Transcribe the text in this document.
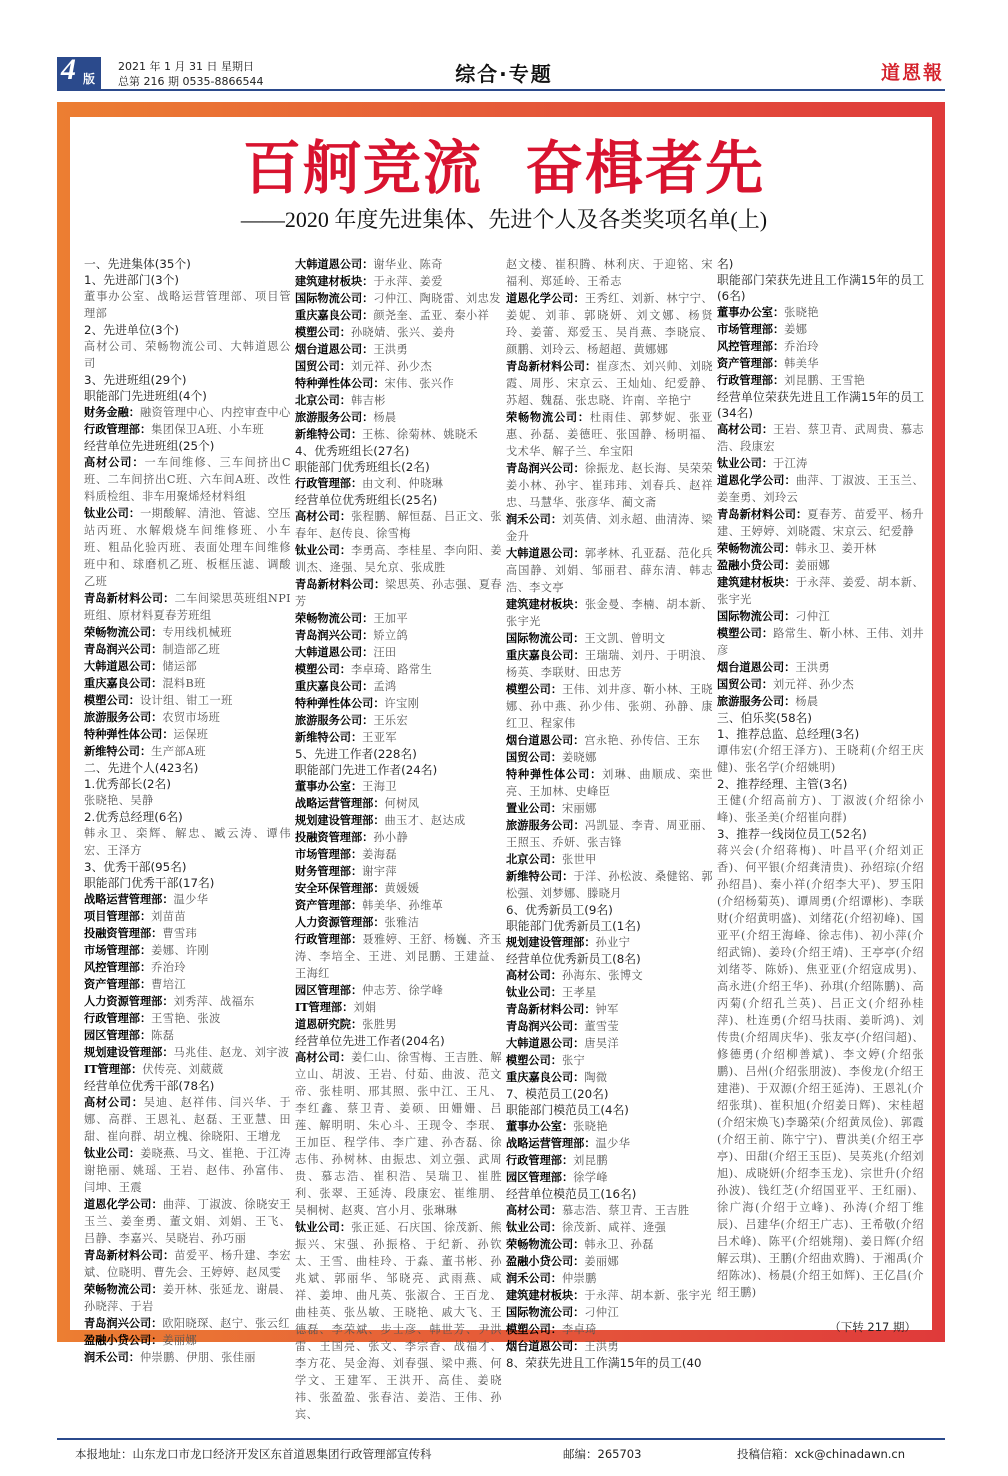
4 版
2021 年 1 月 31 日 星期日
总第 216 期 0535-8866544	综合·专题	道恩報
百舸竞流 奋楫者先
——2020 年度先进集体、先进个人及各类奖项名单(上)

一、先进集体(35个)

1、先进部门(3个)

董事办公室、战略运营管理部、项目管理部

2、先进单位(3个)

高材公司、荣畅物流公司、大韩道恩公司

3、先进班组(29个)

职能部门先进班组(4个)

财务金融：融资管理中心、内控审查中心

行政管理部：集团保卫A班、小车班

经营单位先进班组(25个)

高材公司：一车间维修、三车间挤出C班、二车间挤出C班、六车间A班、改性料质检组、非车用聚烯烃材料组

钛业公司：一期酸解、清池、管滤、空压站丙班、水解煅烧车间维修班、小车班、粗品化验丙班、表面处理车间维修班中和、球磨机乙班、板框压滤、调酸乙班

青岛新材料公司：二车间梁思英班组NPI班组、原材料夏春芳班组

荣畅物流公司：专用线机械班

青岛润兴公司：制造部乙班

大韩道恩公司：储运部

重庆嘉良公司：混料B班

模塑公司：设计组、钳工一班

旅游服务公司：农贸市场班

特种弹性体公司：运保班

新维特公司：生产部A班

二、先进个人(423名)

1.优秀部长(2名)

张晓艳、吴静

2.优秀总经理(6名)

韩永卫、栾辉、解忠、臧云涛、谭伟宏、王泽方

3、优秀干部(95名)

职能部门优秀干部(17名)

战略运营管理部：温少华

项目管理部：刘苗苗

投融资管理部：曹雪玮

市场管理部：姜娜、许刚

风控管理部：乔治玲

资产管理部：曹培江

人力资源管理部：刘秀萍、战福东

行政管理部：王雪艳、张波

园区管理部：陈磊

规划建设管理部：马兆佳、赵龙、刘宇波

IT管理部：伏传亮、刘葳葳

经营单位优秀干部(78名)

高材公司：吴迪、赵祥伟、闫兴华、于娜、高群、王恩礼、赵磊、王亚慧、田甜、崔向群、胡立槐、徐晓阳、王增龙

钛业公司：姜晓燕、马文、崔艳、于江涛谢艳丽、姚瑶、王岩、赵伟、孙富伟、闫坤、王震

道恩化学公司：曲萍、丁淑波、徐晓安王玉兰、姜奎勇、董文娟、刘娟、王飞、吕静、李嘉兴、吴晓岩、孙巧丽

青岛新材料公司：苗爱平、杨升建、李宏斌、位晓明、曹先会、王婷婷、赵凤雯

荣畅物流公司：姜开林、张延龙、谢晨、孙晓萍、于岩

青岛润兴公司：欧阳晓琛、赵宁、张云红

盈融小贷公司：姜丽娜

润禾公司：仲崇鹏、伊朋、张佳丽

大韩道恩公司：谢华业、陈奇

建筑建材板块：于永萍、姜爱

国际物流公司：刁仲江、陶晓雷、刘忠发

重庆嘉良公司：颜尧奎、孟亚、秦小祥

模塑公司：孙晓婧、张兴、姜舟

烟台道恩公司：王洪勇

国贸公司：刘元祥、孙少杰

特种弹性体公司：宋伟、张兴作

北京公司：韩吉彬

旅游服务公司：杨晨

新维特公司：王栋、徐菊林、姚晓禾

4、优秀班组长(27名)

职能部门优秀班组长(2名)

行政管理部：由文利、仲晓琳

经营单位优秀班组长(25名)

高材公司：张程鹏、解恒磊、吕正文、张春年、赵传良、徐雪梅

钛业公司：李勇高、李桂星、李向阳、姜训杰、逄强、吴允京、张成胜

青岛新材料公司：梁思英、孙志强、夏春芳

荣畅物流公司：王加平

青岛润兴公司：矫立鸽

大韩道恩公司：汪田

模塑公司：李卓琦、路常生

重庆嘉良公司：孟鸿

特种弹性体公司：许宝刚

旅游服务公司：王乐宏

新维特公司：王亚军

5、先进工作者(228名)

职能部门先进工作者(24名)

董事办公室：王海卫

战略运营管理部：何树凤

规划建设管理部：曲玉才、赵达成

投融资管理部：孙小静

市场管理部：姜海磊

财务管理部：谢宇萍

安全环保管理部：黄媛媛

资产管理部：韩美华、孙维革

人力资源管理部：张雅洁

行政管理部：聂雅婷、王舒、杨巍、齐玉涛、李培全、王进、刘昆鹏、王建益、王海红

园区管理部：仲志芳、徐学峰

IT管理部：刘娟

道恩研究院：张胜男

经营单位先进工作者(204名)

高材公司：姜仁山、徐雪梅、王吉胜、解立山、胡波、王岩、付茹、曲波、范文帝、张桂明、邢其照、张中江、王凡、李红鑫、蔡卫青、姜硕、田姗姗、吕莲、解明明、朱心斗、王现令、李珉、王加臣、程学伟、李广建、孙杏磊、徐志伟、孙树林、由振忠、刘立强、武周贵、慕志浩、崔积浩、吴瑞卫、崔胜利、张翠、王延涛、段康宏、崔维朋、吴桐树、赵爽、宫小月、张琳琳

钛业公司：张正延、石庆国、徐茂新、熊振兴、宋强、孙振格、于纪新、孙钦太、王雪、曲桂玲、于淼、董书彬、孙兆斌、郭丽华、邹晓亮、武雨燕、咸祥、姜坤、曲凡英、张淑合、王百龙、曲桂英、张丛敏、王晓艳、戚大飞、王德磊、李荣斌、步士彦、韩世芳、尹洪雷、王国亮、张文、李宗香、战福才、李方花、吴金海、刘春强、梁中燕、何学文、王建军、王洪开、高佳、姜晓祎、张盈盈、张春洁、姜浩、王伟、孙宾、

赵文楼、崔积腾、林利庆、于迎铭、宋福利、郑延岭、王希志

道恩化学公司：王秀红、刘新、林宁宁、姜妮、刘菲、郭晓妍、刘文娜、杨贤玲、姜蕾、郑爱玉、吴肖燕、李晓宸、颜鹏、刘玲云、杨超超、黄娜娜

青岛新材料公司：崔彦杰、刘兴帅、刘晓霞、周彤、宋京云、王灿灿、纪爱静、苏超、魏磊、张忠晓、许南、辛艳宁

荣畅物流公司：杜雨佳、郭梦妮、张亚惠、孙磊、姜德旺、张国静、杨明福、戈术华、解子兰、牟宝阳

青岛润兴公司：徐振龙、赵长海、吴荣荣姜小林、孙宇、崔玮玮、刘春兵、赵祥忠、马慧华、张彦华、蔺文斋

润禾公司：刘英倩、刘永超、曲清涛、梁金升

大韩道恩公司：郭孝林、孔亚磊、范化兵高国静、刘娟、邹丽君、薛东清、韩志浩、李文亭

建筑建材板块：张金曼、李楠、胡本新、张宇光

国际物流公司：王文凯、曾明文

重庆嘉良公司：王瑞瑞、刘丹、于明浪、杨英、李联财、田忠芳

模塑公司：王伟、刘井彦、靳小林、王晓娜、孙中燕、孙少伟、张朔、孙静、康红卫、程家伟

烟台道恩公司：宫永艳、孙传信、王东

国贸公司：姜晓娜

特种弹性体公司：刘琳、曲顺成、栾世亮、王加林、史峰臣

置业公司：宋丽娜

旅游服务公司：冯凯显、李青、周亚丽、王照玉、乔妍、张吉锋

北京公司：张世甲

新维特公司：于洋、孙松波、桑健铭、郭松强、刘梦娜、滕晓月

6、优秀新员工(9名)

职能部门优秀新员工(1名)

规划建设管理部：孙业宁

经营单位优秀新员工(8名)

高材公司：孙海东、张博文

钛业公司：王孝星

青岛新材料公司：钟军

青岛润兴公司：董雪莹

大韩道恩公司：唐昊洋

模塑公司：张宁

重庆嘉良公司：陶微

7、模范员工(20名)

职能部门模范员工(4名)

董事办公室：张晓艳

战略运营管理部：温少华

行政管理部：刘昆鹏

园区管理部：徐学峰

经营单位模范员工(16名)

高材公司：慕志浩、蔡卫青、王吉胜

钛业公司：徐茂新、咸祥、逄强

荣畅物流公司：韩永卫、孙磊

盈融小贷公司：姜丽娜

润禾公司：仲崇鹏

建筑建材板块：于永萍、胡本新、张宇光

国际物流公司：刁仲江

模塑公司：李卓琦

烟台道恩公司：王洪勇

8、荣获先进且工作满15年的员工(40

名)

职能部门荣获先进且工作满15年的员工(6名)

董事办公室：张晓艳

市场管理部：姜娜

风控管理部：乔治玲

资产管理部：韩美华

行政管理部：刘昆鹏、王雪艳

经营单位荣获先进且工作满15年的员工(34名)

高材公司：王岩、蔡卫青、武周贵、慕志浩、段康宏

钛业公司：于江涛

道恩化学公司：曲萍、丁淑波、王玉兰、姜奎勇、刘玲云

青岛新材料公司：夏春芳、苗爱平、杨升建、王婷婷、刘晓霞、宋京云、纪爱静

荣畅物流公司：韩永卫、姜开林

盈融小贷公司：姜丽娜

建筑建材板块：于永萍、姜爱、胡本新、张宇光

国际物流公司：刁仲江

模塑公司：路常生、靳小林、王伟、刘井彦

烟台道恩公司：王洪勇

国贸公司：刘元祥、孙少杰

旅游服务公司：杨晨

三、伯乐奖(58名)

1、推荐总监、总经理(3名)

谭伟宏(介绍王泽方)、王晓莉(介绍王庆健)、张名学(介绍姚明)

2、推荐经理、主管(3名)

王健(介绍高前方)、丁淑波(介绍徐小峰)、张圣美(介绍崔向群)

3、推荐一线岗位员工(52名)

蒋兴会(介绍蒋梅)、叶昌平(介绍刘正香)、何平银(介绍龚清贵)、孙绍琮(介绍孙绍昌)、秦小祥(介绍李大平)、罗玉阳(介绍杨菊英)、谭周勇(介绍谭彬)、李联财(介绍黄明盛)、刘绪花(介绍初峰)、国亚平(介绍王海峰、徐志伟)、初小萍(介绍武锦)、姜玲(介绍王靖)、王亭亭(介绍刘绪苓、陈娇)、焦亚亚(介绍寇成男)、高永进(介绍王华)、孙琪(介绍陈鹏)、高丙菊(介绍孔兰英)、吕正文(介绍孙桂萍)、杜连勇(介绍马扶雨、姜昕鸿)、刘传贵(介绍周庆华)、张友亭(介绍闫超)、修德勇(介绍柳善斌)、李文婷(介绍张鹏)、吕州(介绍张朋波)、李俊龙(介绍王建港)、于双源(介绍王延涛)、王恩礼(介绍张琪)、崔积旭(介绍姜日辉)、宋桂超(介绍宋焕飞)李璐荣(介绍黄凤俭)、郭霞(介绍王前、陈宁宁)、曹洪美(介绍王亭亭)、田甜(介绍王玉臣)、吴英兆(介绍刘旭)、成晓妍(介绍李玉龙)、宗世升(介绍孙波)、钱红芝(介绍国亚平、王红丽)、徐广海(介绍于立峰)、孙涛(介绍丁维辰)、吕建华(介绍王广志)、王希敬(介绍吕术峰)、陈平(介绍姚翔)、姜日辉(介绍解云琪)、王鹏(介绍曲欢腾)、于湘禹(介绍陈冰)、杨晨(介绍王如辉)、王亿昌(介绍王鹏)

（下转 217 期）
本报地址：山东龙口市龙口经济开发区东首道恩集团行政管理部宣传科	邮编：265703	投稿信箱：xck@chinadawn.cn
